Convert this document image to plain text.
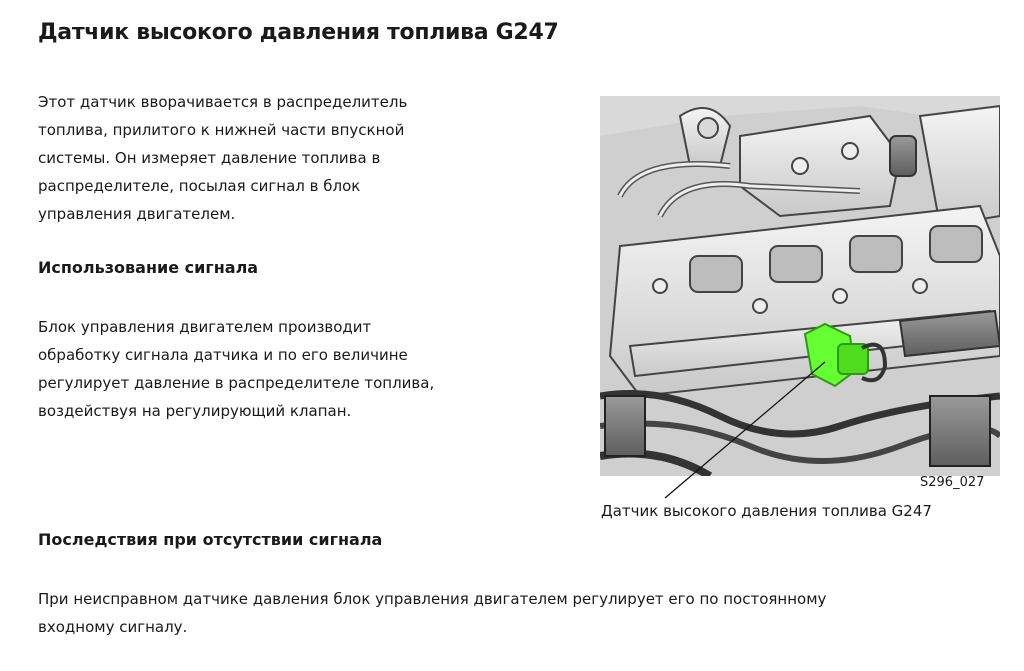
Датчик высокого давления топлива G247
Этот датчик вворачивается в распределитель
топлива, прилитого к нижней части впускной
системы. Он измеряет давление топлива в
распределителе, посылая сигнал в блок
управления двигателем.
Использование сигнала
Блок управления двигателем производит
обработку сигнала датчика и по его величине
регулирует давление в распределителе топлива,
воздействуя на регулирующий клапан.
Последствия при отсутствии сигнала
При неисправном датчике давления блок управления двигателем регулирует его по постоянному
входному сигналу.
S296_027
Датчик высокого давления топлива G247
